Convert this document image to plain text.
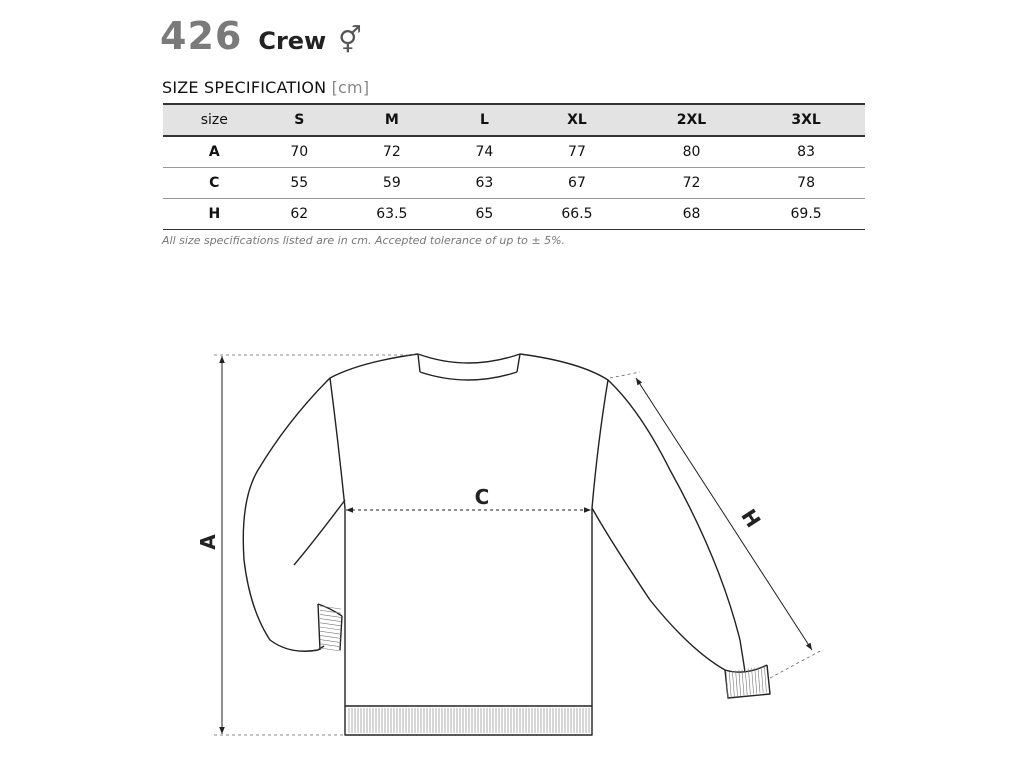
426 Crew ⚥
SIZE SPECIFICATION [cm]
size	S	M	L	XL	2XL	3XL
A	70	72	74	77	80	83
C	55	59	63	67	72	78
H	62	63.5	65	66.5	68	69.5
All size specifications listed are in cm. Accepted tolerance of up to ± 5%.
A
C
H
